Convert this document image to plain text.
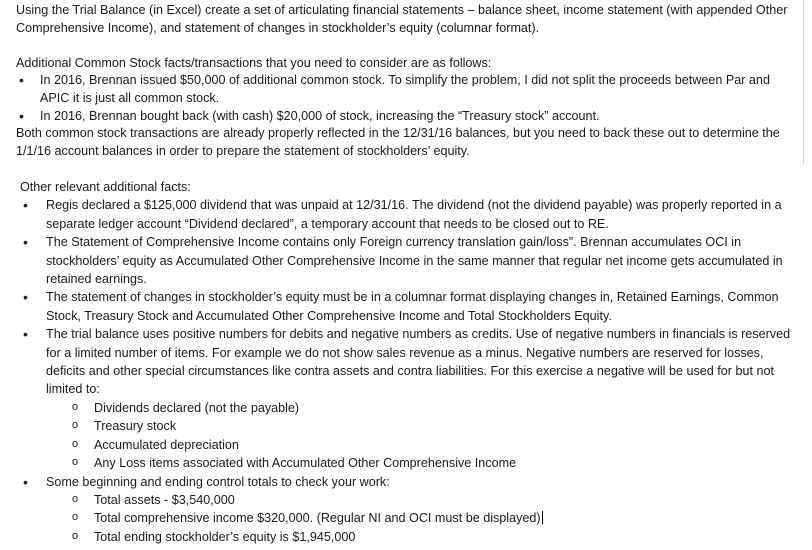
Using the Trial Balance (in Excel) create a set of articulating financial statements – balance sheet, income statement (with appended Other Comprehensive Income), and statement of changes in stockholder’s equity (columnar format).

Additional Common Stock facts/transactions that you need to consider are as follows:

• In 2016, Brennan issued $50,000 of additional common stock. To simplify the problem, I did not split the proceeds between Par and APIC it is just all common stock.

• In 2016, Brennan bought back (with cash) $20,000 of stock, increasing the “Treasury stock” account.

Both common stock transactions are already properly reflected in the 12/31/16 balances, but you need to back these out to determine the 1/1/16 account balances in order to prepare the statement of stockholders’ equity.

Other relevant additional facts:

• Regis declared a $125,000 dividend that was unpaid at 12/31/16. The dividend (not the dividend payable) was properly reported in a separate ledger account “Dividend declared”, a temporary account that needs to be closed out to RE.

• The Statement of Comprehensive Income contains only Foreign currency translation gain/loss”. Brennan accumulates OCI in stockholders’ equity as Accumulated Other Comprehensive Income in the same manner that regular net income gets accumulated in retained earnings.

• The statement of changes in stockholder’s equity must be in a columnar format displaying changes in, Retained Earnings, Common Stock, Treasury Stock and Accumulated Other Comprehensive Income and Total Stockholders Equity.

• The trial balance uses positive numbers for debits and negative numbers as credits. Use of negative numbers in financials is reserved for a limited number of items. For example we do not show sales revenue as a minus. Negative numbers are reserved for losses, deficits and other special circumstances like contra assets and contra liabilities. For this exercise a negative will be used for but not limited to:

o Dividends declared (not the payable)

o Treasury stock

o Accumulated depreciation

o Any Loss items associated with Accumulated Other Comprehensive Income

• Some beginning and ending control totals to check your work:

o Total assets - $3,540,000

o Total comprehensive income $320,000. (Regular NI and OCI must be displayed)

o Total ending stockholder’s equity is $1,945,000
